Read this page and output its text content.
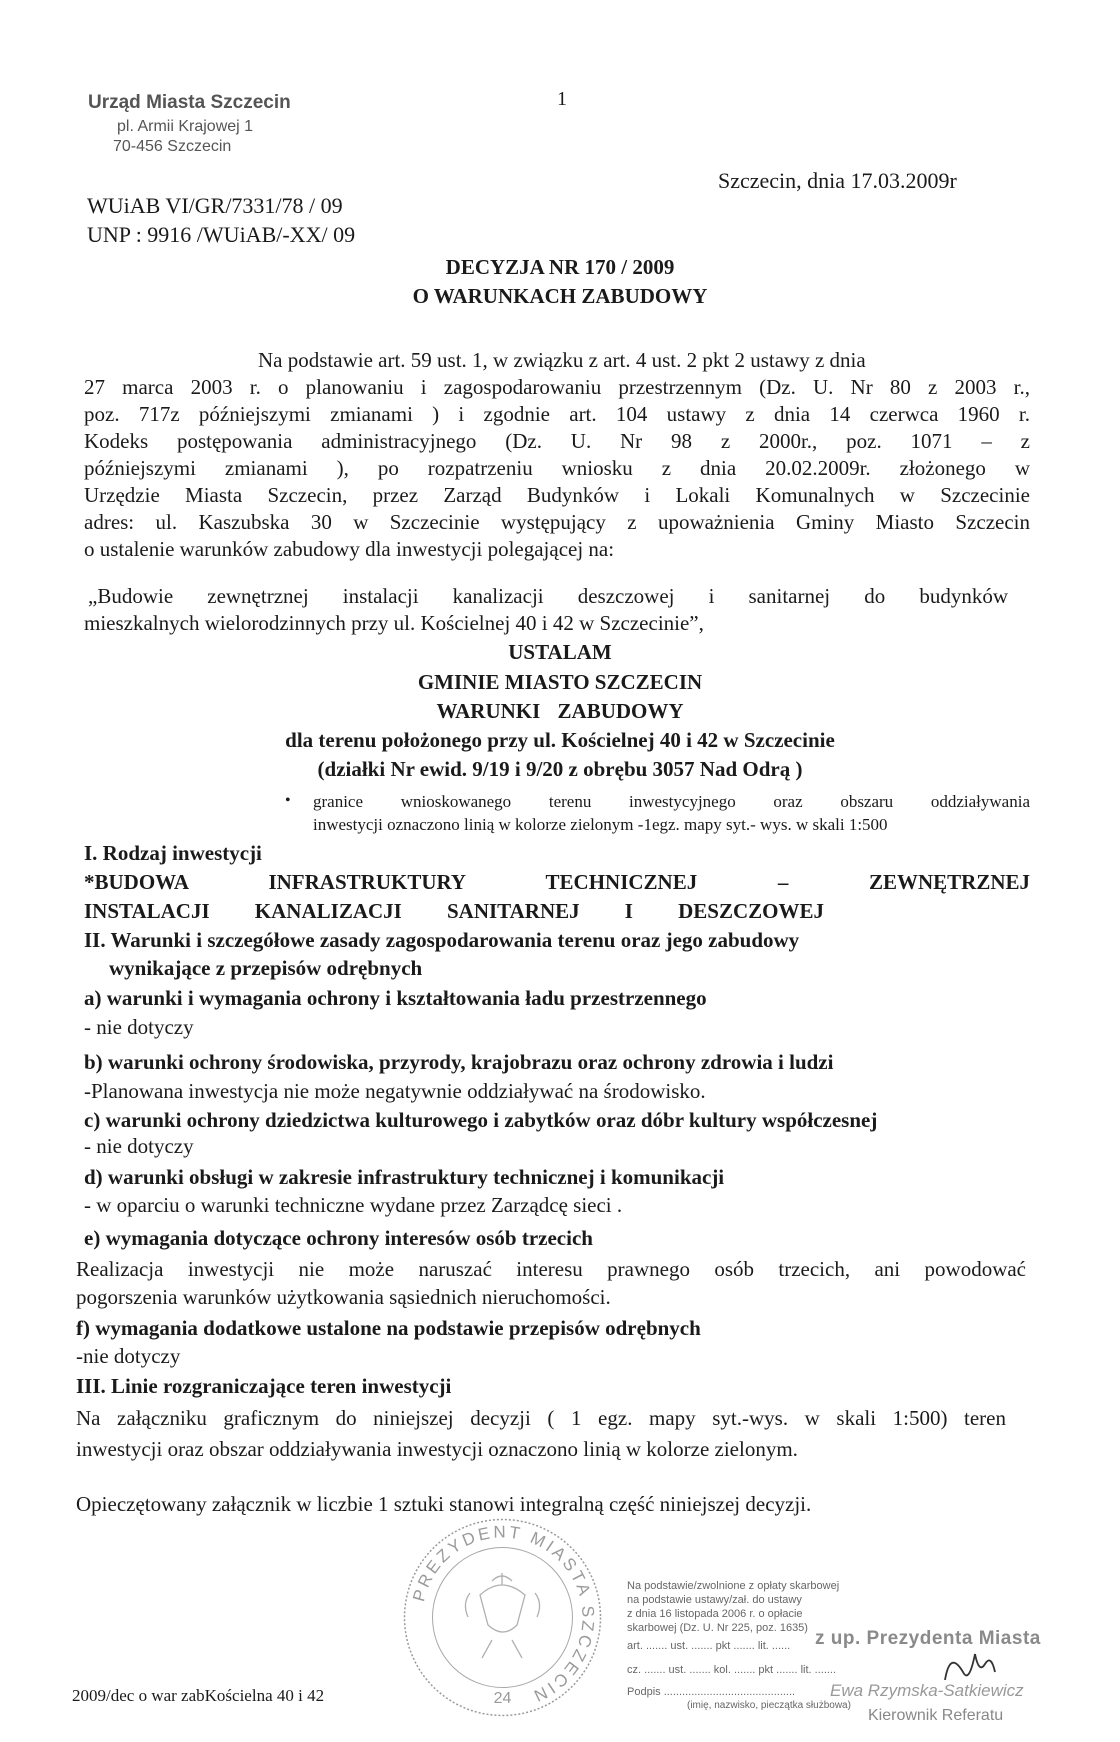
Urząd Miasta Szczecin
pl. Armii Krajowej 1
70-456 Szczecin
1
Szczecin, dnia 17.03.2009r
WUiAB VI/GR/7331/78 / 09
UNP : 9916 /WUiAB/-XX/ 09
DECYZJA NR 170 / 2009
O WARUNKACH ZABUDOWY
Na podstawie art. 59 ust. 1, w związku z art. 4 ust. 2 pkt 2 ustawy z dnia
27 marca 2003 r. o planowaniu i zagospodarowaniu przestrzennym (Dz. U. Nr 80 z 2003 r.,
poz. 717z późniejszymi zmianami ) i zgodnie art. 104 ustawy z dnia 14 czerwca 1960 r.
Kodeks postępowania administracyjnego (Dz. U. Nr 98 z 2000r., poz. 1071 – z
późniejszymi zmianami ), po rozpatrzeniu wniosku z dnia 20.02.2009r. złożonego w
Urzędzie Miasta Szczecin, przez Zarząd Budynków i Lokali Komunalnych w Szczecinie
adres: ul. Kaszubska 30 w Szczecinie występujący z upoważnienia Gminy Miasto Szczecin
o ustalenie warunków zabudowy dla inwestycji polegającej na:
„Budowie zewnętrznej instalacji kanalizacji deszczowej i sanitarnej do budynków
mieszkalnych wielorodzinnych przy ul. Kościelnej 40 i 42 w Szczecinie”,
USTALAM
GMINIE MIASTO SZCZECIN
WARUNKI ZABUDOWY
dla terenu położonego przy ul. Kościelnej 40 i 42 w Szczecinie
(działki Nr ewid. 9/19 i 9/20 z obrębu 3057 Nad Odrą )
• granice wnioskowanego terenu inwestycyjnego oraz obszaru oddziaływania
inwestycji oznaczono linią w kolorze zielonym -1egz. mapy syt.- wys. w skali 1:500
I. Rodzaj inwestycji
*BUDOWA INFRASTRUKTURY TECHNICZNEJ – ZEWNĘTRZNEJ
INSTALACJI KANALIZACJI SANITARNEJ I DESZCZOWEJ
II. Warunki i szczegółowe zasady zagospodarowania terenu oraz jego zabudowy
wynikające z przepisów odrębnych
a) warunki i wymagania ochrony i kształtowania ładu przestrzennego
- nie dotyczy
b) warunki ochrony środowiska, przyrody, krajobrazu oraz ochrony zdrowia i ludzi
-Planowana inwestycja nie może negatywnie oddziaływać na środowisko.
c) warunki ochrony dziedzictwa kulturowego i zabytków oraz dóbr kultury współczesnej
- nie dotyczy
d) warunki obsługi w zakresie infrastruktury technicznej i komunikacji
- w oparciu o warunki techniczne wydane przez Zarządcę sieci .
e) wymagania dotyczące ochrony interesów osób trzecich
Realizacja inwestycji nie może naruszać interesu prawnego osób trzecich, ani powodować
pogorszenia warunków użytkowania sąsiednich nieruchomości.
f) wymagania dodatkowe ustalone na podstawie przepisów odrębnych
-nie dotyczy
III. Linie rozgraniczające teren inwestycji
Na załączniku graficznym do niniejszej decyzji ( 1 egz. mapy syt.-wys. w skali 1:500) teren
inwestycji oraz obszar oddziaływania inwestycji oznaczono linią w kolorze zielonym.
Opieczętowany załącznik w liczbie 1 sztuki stanowi integralną część niniejszej decyzji.
PREZYDENT MIASTA SZCZECIN
24
Na podstawie/zwolnione z opłaty skarbowej
na podstawie ustawy/zał. do ustawy
z dnia 16 listopada 2006 r. o opłacie
skarbowej (Dz. U. Nr 225, poz. 1635)
art. ....... ust. ....... pkt ....... lit. ......
cz. ....... ust. ....... kol. ....... pkt ....... lit. .......
Podpis ...........................................
(imię, nazwisko, pieczątka służbowa)
z up. Prezydenta Miasta
Ewa Rzymska-Satkiewicz
Kierownik Referatu
2009/dec o war zabKościelna 40 i 42
